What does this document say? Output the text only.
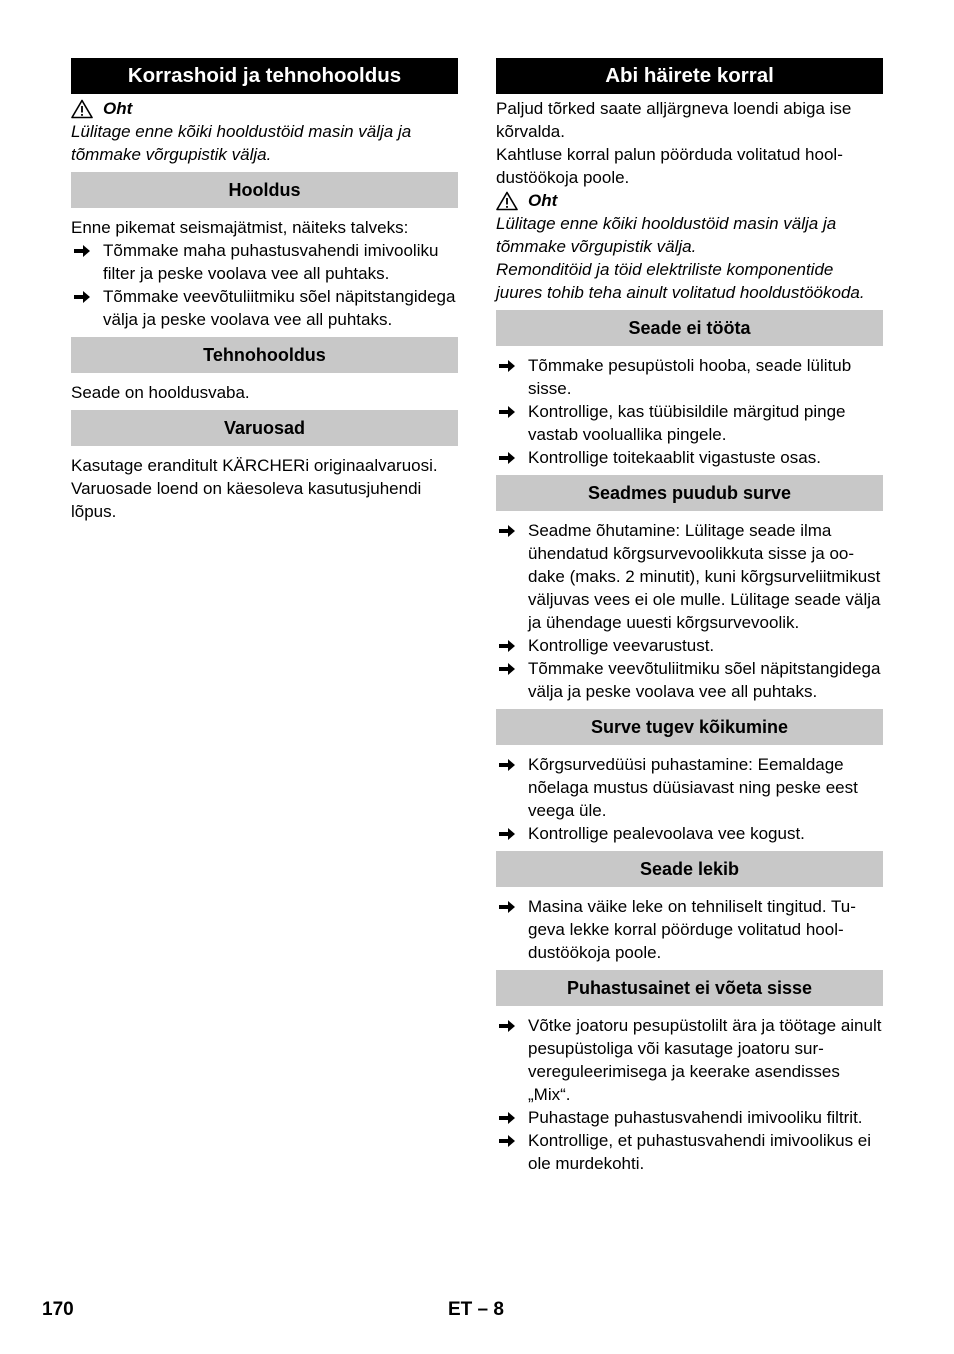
Korrashoid ja tehnohooldus
Oht

Lülitage enne kõiki hooldustöid masin välja ja tõmmake võrgupistik välja.

Hooldus

Enne pikemat seismajätmist, näiteks talveks:

Tõmmake maha puhastusvahendi imivooliku filter ja peske voolava vee all puhtaks.
Tõmmake veevõtuliitmiku sõel näpitstangidega välja ja peske voolava vee all puhtaks.
Tehnohooldus

Seade on hooldusvaba.

Varuosad

Kasutage eranditult KÄRCHERi originaalvaruosi. Varuosade loend on käesoleva kasutusjuhendi lõpus.

Abi häirete korral

Paljud tõrked saate alljärgneva loendi abiga ise kõrvalda.

Kahtluse korral palun pöörduda volitatud hooldustöökoja poole.

Oht

Lülitage enne kõiki hooldustöid masin välja ja tõmmake võrgupistik välja.

Remonditöid ja töid elektriliste komponentide juures tohib teha ainult volitatud hooldustöökoda.

Seade ei tööta
Tõmmake pesupüstoli hooba, seade lülitub sisse.
Kontrollige, kas tüübisildile märgitud pinge vastab vooluallika pingele.
Kontrollige toitekaablit vigastuste osas.
Seadmes puudub surve
Seadme õhutamine: Lülitage seade ilma ühendatud kõrgsurvevoolikkuta sisse ja oodake (maks. 2 minutit), kuni kõrgsurveliitmikust väljuvas vees ei ole mulle. Lülitage seade välja ja ühendage uuesti kõrgsurvevoolik.
Kontrollige veevarustust.
Tõmmake veevõtuliitmiku sõel näpitstangidega välja ja peske voolava vee all puhtaks.
Surve tugev kõikumine
Kõrgsurvedüüsi puhastamine: Eemaldage nõelaga mustus düüsiavast ning peske eest veega üle.
Kontrollige pealevoolava vee kogust.
Seade lekib
Masina väike leke on tehniliselt tingitud. Tugeva lekke korral pöörduge volitatud hooldustöökoja poole.
Puhastusainet ei võeta sisse
Võtke joatoru pesupüstolilt ära ja töötage ainult pesupüstoliga või kasutage joatoru survereguleerimisega ja keerake asendisses „Mix“.
Puhastage puhastusvahendi imivooliku filtrit.
Kontrollige, et puhastusvahendi imivoolikus ei ole murdekohti.
170	ET – 8
